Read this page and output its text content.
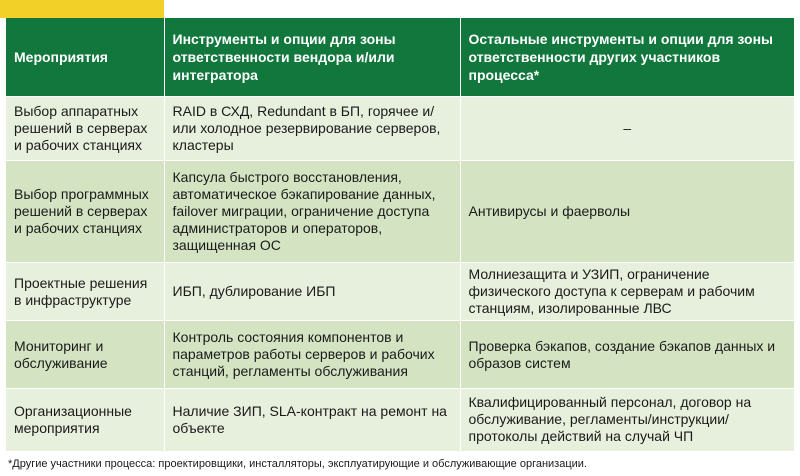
Мероприятия	Инструменты и опции для зоны ответственности вендора и/или интегратора	Остальные инструменты и опции для зоны ответственности других участников процесса*
Выбор аппаратных решений в серверах и рабочих станциях	RAID в СХД, Redundant в БП, горячее и/или холодное резервирование серверов, кластеры	–
Выбор программных решений в серверах и рабочих станциях	Капсула быстрого восстановления, автоматическое бэкапирование данных, failover миграции, ограничение доступа администраторов и операторов, защищенная ОС	Антивирусы и фаерволы
Проектные решения в инфраструктуре	ИБП, дублирование ИБП	Молниезащита и УЗИП, ограничение физического доступа к серверам и рабочим станциям, изолированные ЛВС
Мониторинг и обслуживание	Контроль состояния компонентов и параметров работы серверов и рабочих станций, регламенты обслуживания	Проверка бэкапов, создание бэкапов данных и образов систем
Организационные мероприятия	Наличие ЗИП, SLA-контракт на ремонт на объекте	Квалифицированный персонал, договор на обслуживание, регламенты/инструкции/протоколы действий на случай ЧП
*Другие участники процесса: проектировщики, инсталляторы, эксплуатирующие и обслуживающие организации.
